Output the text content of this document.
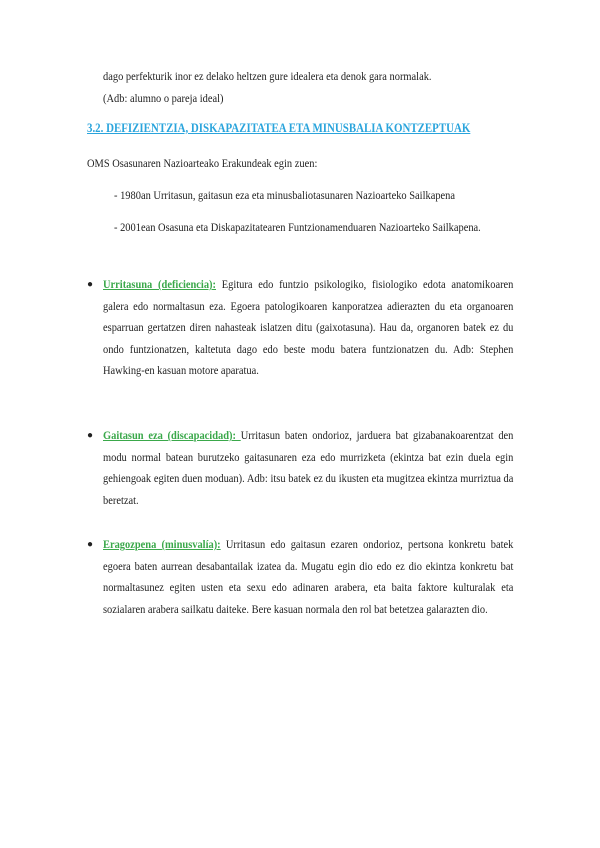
dago perfekturik inor ez delako heltzen gure idealera eta denok gara normalak.
(Adb: alumno o pareja ideal)

3.2. DEFIZIENTZIA, DISKAPAZITATEA ETA MINUSBALIA KONTZEPTUAK

OMS Osasunaren Nazioarteako Erakundeak egin zuen:

- 1980an Urritasun, gaitasun eza eta minusbaliotasunaren Nazioarteko Sailkapena

- 2001ean Osasuna eta Diskapazitatearen Funtzionamenduaren Nazioarteko Sailkapena.

● Urritasuna (deficiencia): Egitura edo funtzio psikologiko, fisiologiko edota anatomikoaren galera edo normaltasun eza. Egoera patologikoaren kanporatzea adierazten du eta organoaren esparruan gertatzen diren nahasteak islatzen ditu (gaixotasuna). Hau da, organoren batek ez du ondo funtzionatzen, kaltetuta dago edo beste modu batera funtzionatzen du. Adb: Stephen Hawking-en kasuan motore aparatua.

● Gaitasun eza (discapacidad): Urritasun baten ondorioz, jarduera bat gizabanakoarentzat den modu normal batean burutzeko gaitasunaren eza edo murrizketa (ekintza bat ezin duela egin gehiengoak egiten duen moduan). Adb: itsu batek ez du ikusten eta mugitzea ekintza murriztua da beretzat.

● Eragozpena (minusvalía): Urritasun edo gaitasun ezaren ondorioz, pertsona konkretu batek egoera baten aurrean desabantailak izatea da. Mugatu egin dio edo ez dio ekintza konkretu bat normaltasunez egiten usten eta sexu edo adinaren arabera, eta baita faktore kulturalak eta sozialaren arabera sailkatu daiteke. Bere kasuan normala den rol bat betetzea galarazten dio.
